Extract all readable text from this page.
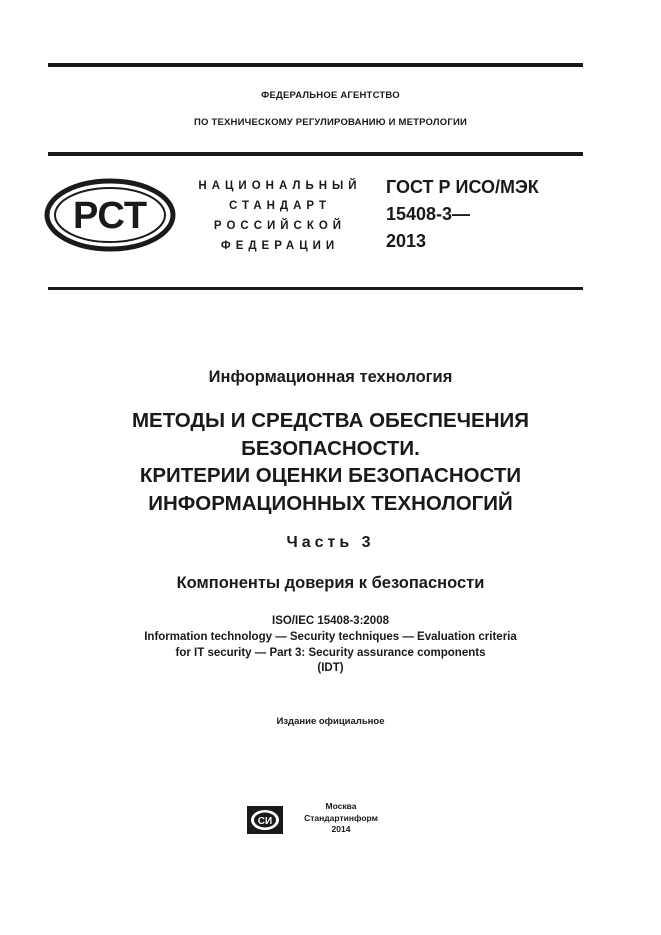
ФЕДЕРАЛЬНОЕ АГЕНТСТВО
ПО ТЕХНИЧЕСКОМУ РЕГУЛИРОВАНИЮ И МЕТРОЛОГИИ
РСТ
НАЦИОНАЛЬНЫЙ
СТАНДАРТ
РОССИЙСКОЙ
ФЕДЕРАЦИИ
ГОСТ Р ИСО/МЭК
15408-3—
2013
Информационная технология
МЕТОДЫ И СРЕДСТВА ОБЕСПЕЧЕНИЯ
БЕЗОПАСНОСТИ.
КРИТЕРИИ ОЦЕНКИ БЕЗОПАСНОСТИ
ИНФОРМАЦИОННЫХ ТЕХНОЛОГИЙ
Часть 3
Компоненты доверия к безопасности
ISO/IEC 15408-3:2008
Information technology — Security techniques — Evaluation criteria
for IT security — Part 3: Security assurance components
(IDT)
Издание официальное
СИ
Москва
Стандартинформ
2014
